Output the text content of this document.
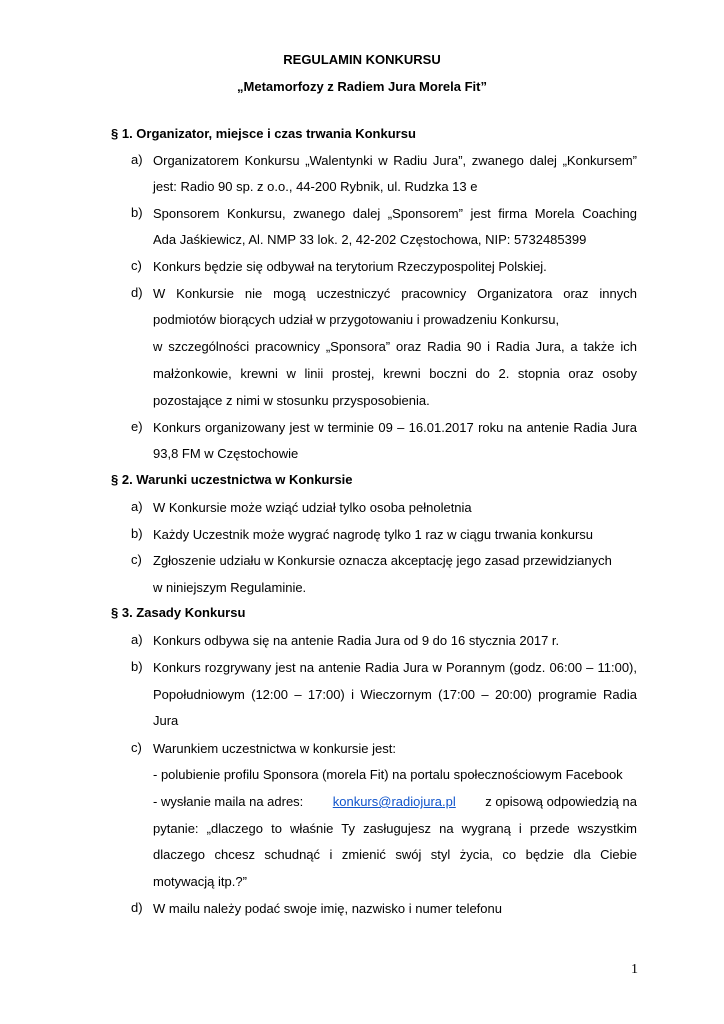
REGULAMIN KONKURSU
„Metamorfozy z Radiem Jura Morela Fit”
§ 1. Organizator, miejsce i czas trwania Konkursu
a) Organizatorem Konkursu „Walentynki w Radiu Jura”, zwanego dalej „Konkursem”
jest: Radio 90 sp. z o.o., 44-200 Rybnik, ul. Rudzka 13 e
b) Sponsorem Konkursu, zwanego dalej „Sponsorem” jest firma Morela Coaching
Ada Jaśkiewicz, Al. NMP 33 lok. 2, 42-202 Częstochowa, NIP: 5732485399
c) Konkurs będzie się odbywał na terytorium Rzeczypospolitej Polskiej.
d) W Konkursie nie mogą uczestniczyć pracownicy Organizatora oraz innych
podmiotów biorących udział w przygotowaniu i prowadzeniu Konkursu,
w szczególności pracownicy „Sponsora” oraz Radia 90 i Radia Jura, a także ich
małżonkowie, krewni w linii prostej, krewni boczni do 2. stopnia oraz osoby
pozostające z nimi w stosunku przysposobienia.
e) Konkurs organizowany jest w terminie 09 – 16.01.2017 roku na antenie Radia Jura
93,8 FM w Częstochowie
§ 2. Warunki uczestnictwa w Konkursie
a) W Konkursie może wziąć udział tylko osoba pełnoletnia
b) Każdy Uczestnik może wygrać nagrodę tylko 1 raz w ciągu trwania konkursu
c) Zgłoszenie udziału w Konkursie oznacza akceptację jego zasad przewidzianych
w niniejszym Regulaminie.
§ 3. Zasady Konkursu
a) Konkurs odbywa się na antenie Radia Jura od 9 do 16 stycznia 2017 r.
b) Konkurs rozgrywany jest na antenie Radia Jura w Porannym (godz. 06:00 – 11:00),
Popołudniowym (12:00 – 17:00) i Wieczornym (17:00 – 20:00) programie Radia
Jura
c) Warunkiem uczestnictwa w konkursie jest:
- polubienie profilu Sponsora (morela Fit) na portalu społecznościowym Facebook
- wysłanie maila na adres: konkurs@radiojura.pl z opisową odpowiedzią na
pytanie: „dlaczego to właśnie Ty zasługujesz na wygraną i przede wszystkim
dlaczego chcesz schudnąć i zmienić swój styl życia, co będzie dla Ciebie
motywacją itp.?”
d) W mailu należy podać swoje imię, nazwisko i numer telefonu
1
